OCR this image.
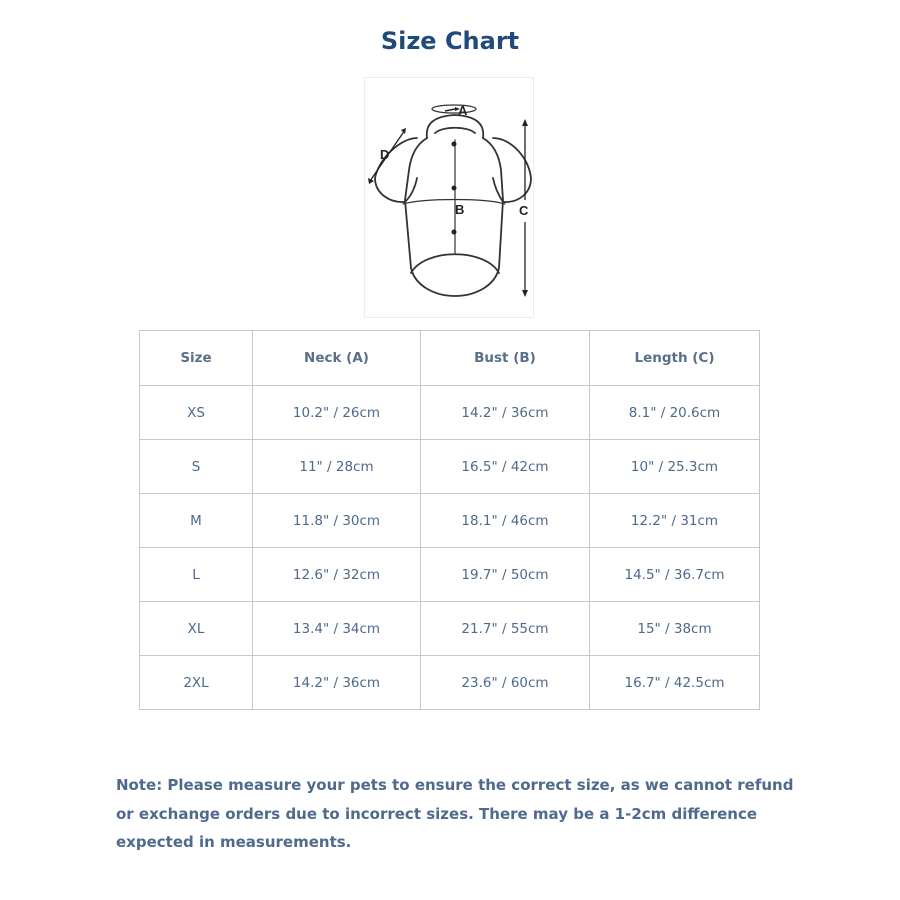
Size Chart
A
B	C
D
Size	Neck (A)	Bust (B)	Length (C)
XS	10.2" / 26cm	14.2" / 36cm	8.1" / 20.6cm
S	11" / 28cm	16.5" / 42cm	10" / 25.3cm
M	11.8" / 30cm	18.1" / 46cm	12.2" / 31cm
L	12.6" / 32cm	19.7" / 50cm	14.5" / 36.7cm
XL	13.4" / 34cm	21.7" / 55cm	15" / 38cm
2XL	14.2" / 36cm	23.6" / 60cm	16.7" / 42.5cm
Note: Please measure your pets to ensure the correct size, as we cannot refund or exchange orders due to incorrect sizes. There may be a 1-2cm difference expected in measurements.
